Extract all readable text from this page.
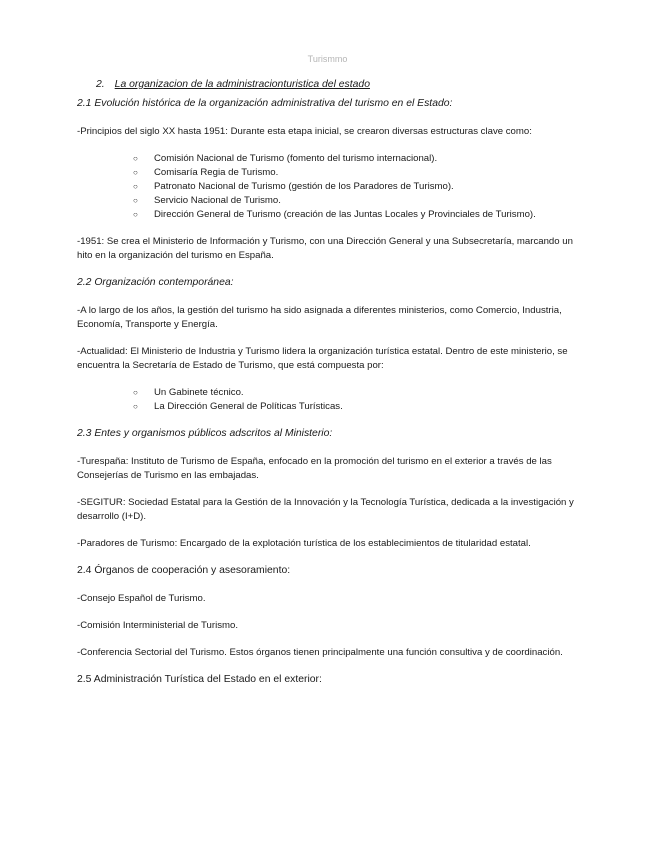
Turismmo
2. La organizacion de la administracionturistica del estado
2.1 Evolución histórica de la organización administrativa del turismo en el Estado:

-Principios del siglo XX hasta 1951: Durante esta etapa inicial, se crearon diversas estructuras clave como:

○ Comisión Nacional de Turismo (fomento del turismo internacional).
○ Comisaría Regia de Turismo.
○ Patronato Nacional de Turismo (gestión de los Paradores de Turismo).
○ Servicio Nacional de Turismo.
○ Dirección General de Turismo (creación de las Juntas Locales y Provinciales de Turismo).

-1951: Se crea el Ministerio de Información y Turismo, con una Dirección General y una Subsecretaría, marcando un hito en la organización del turismo en España.

2.2 Organización contemporánea:

-A lo largo de los años, la gestión del turismo ha sido asignada a diferentes ministerios, como Comercio, Industria, Economía, Transporte y Energía.

-Actualidad: El Ministerio de Industria y Turismo lidera la organización turística estatal. Dentro de este ministerio, se encuentra la Secretaría de Estado de Turismo, que está compuesta por:

○ Un Gabinete técnico.
○ La Dirección General de Políticas Turísticas.
2.3 Entes y organismos públicos adscritos al Ministerio:

-Turespaña: Instituto de Turismo de España, enfocado en la promoción del turismo en el exterior a través de las Consejerías de Turismo en las embajadas.

-SEGITUR: Sociedad Estatal para la Gestión de la Innovación y la Tecnología Turística, dedicada a la investigación y desarrollo (I+D).

-Paradores de Turismo: Encargado de la explotación turística de los establecimientos de titularidad estatal.

2.4 Órganos de cooperación y asesoramiento:

-Consejo Español de Turismo.

-Comisión Interministerial de Turismo.

-Conferencia Sectorial del Turismo. Estos órganos tienen principalmente una función consultiva y de coordinación.

2.5 Administración Turística del Estado en el exterior:
